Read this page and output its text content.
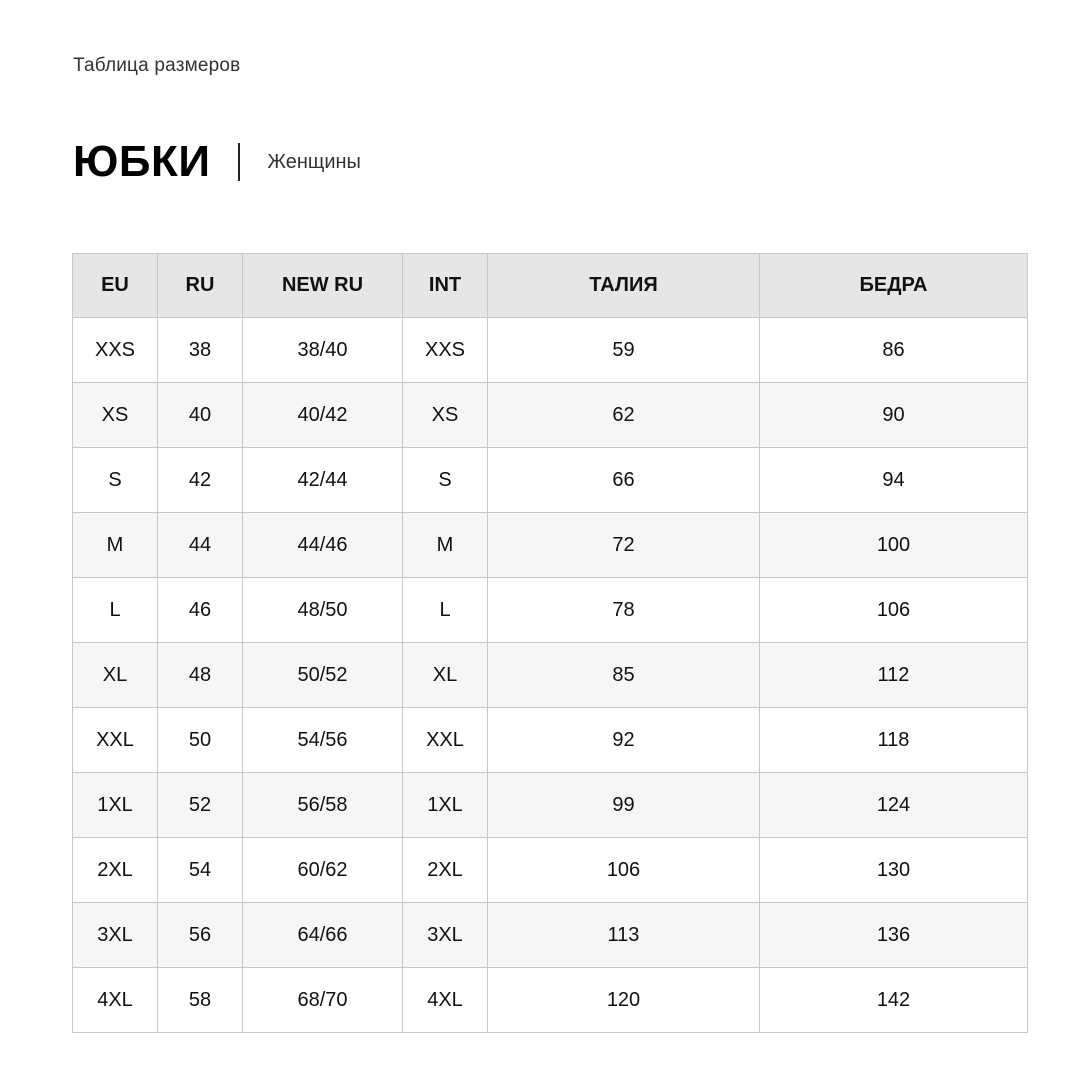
Таблица размеров
ЮБКИ	Женщины
EU	RU	NEW RU	INT	ТАЛИЯ	БЕДРА
XXS	38	38/40	XXS	59	86
XS	40	40/42	XS	62	90
S	42	42/44	S	66	94
M	44	44/46	M	72	100
L	46	48/50	L	78	106
XL	48	50/52	XL	85	112
XXL	50	54/56	XXL	92	118
1XL	52	56/58	1XL	99	124
2XL	54	60/62	2XL	106	130
3XL	56	64/66	3XL	113	136
4XL	58	68/70	4XL	120	142
